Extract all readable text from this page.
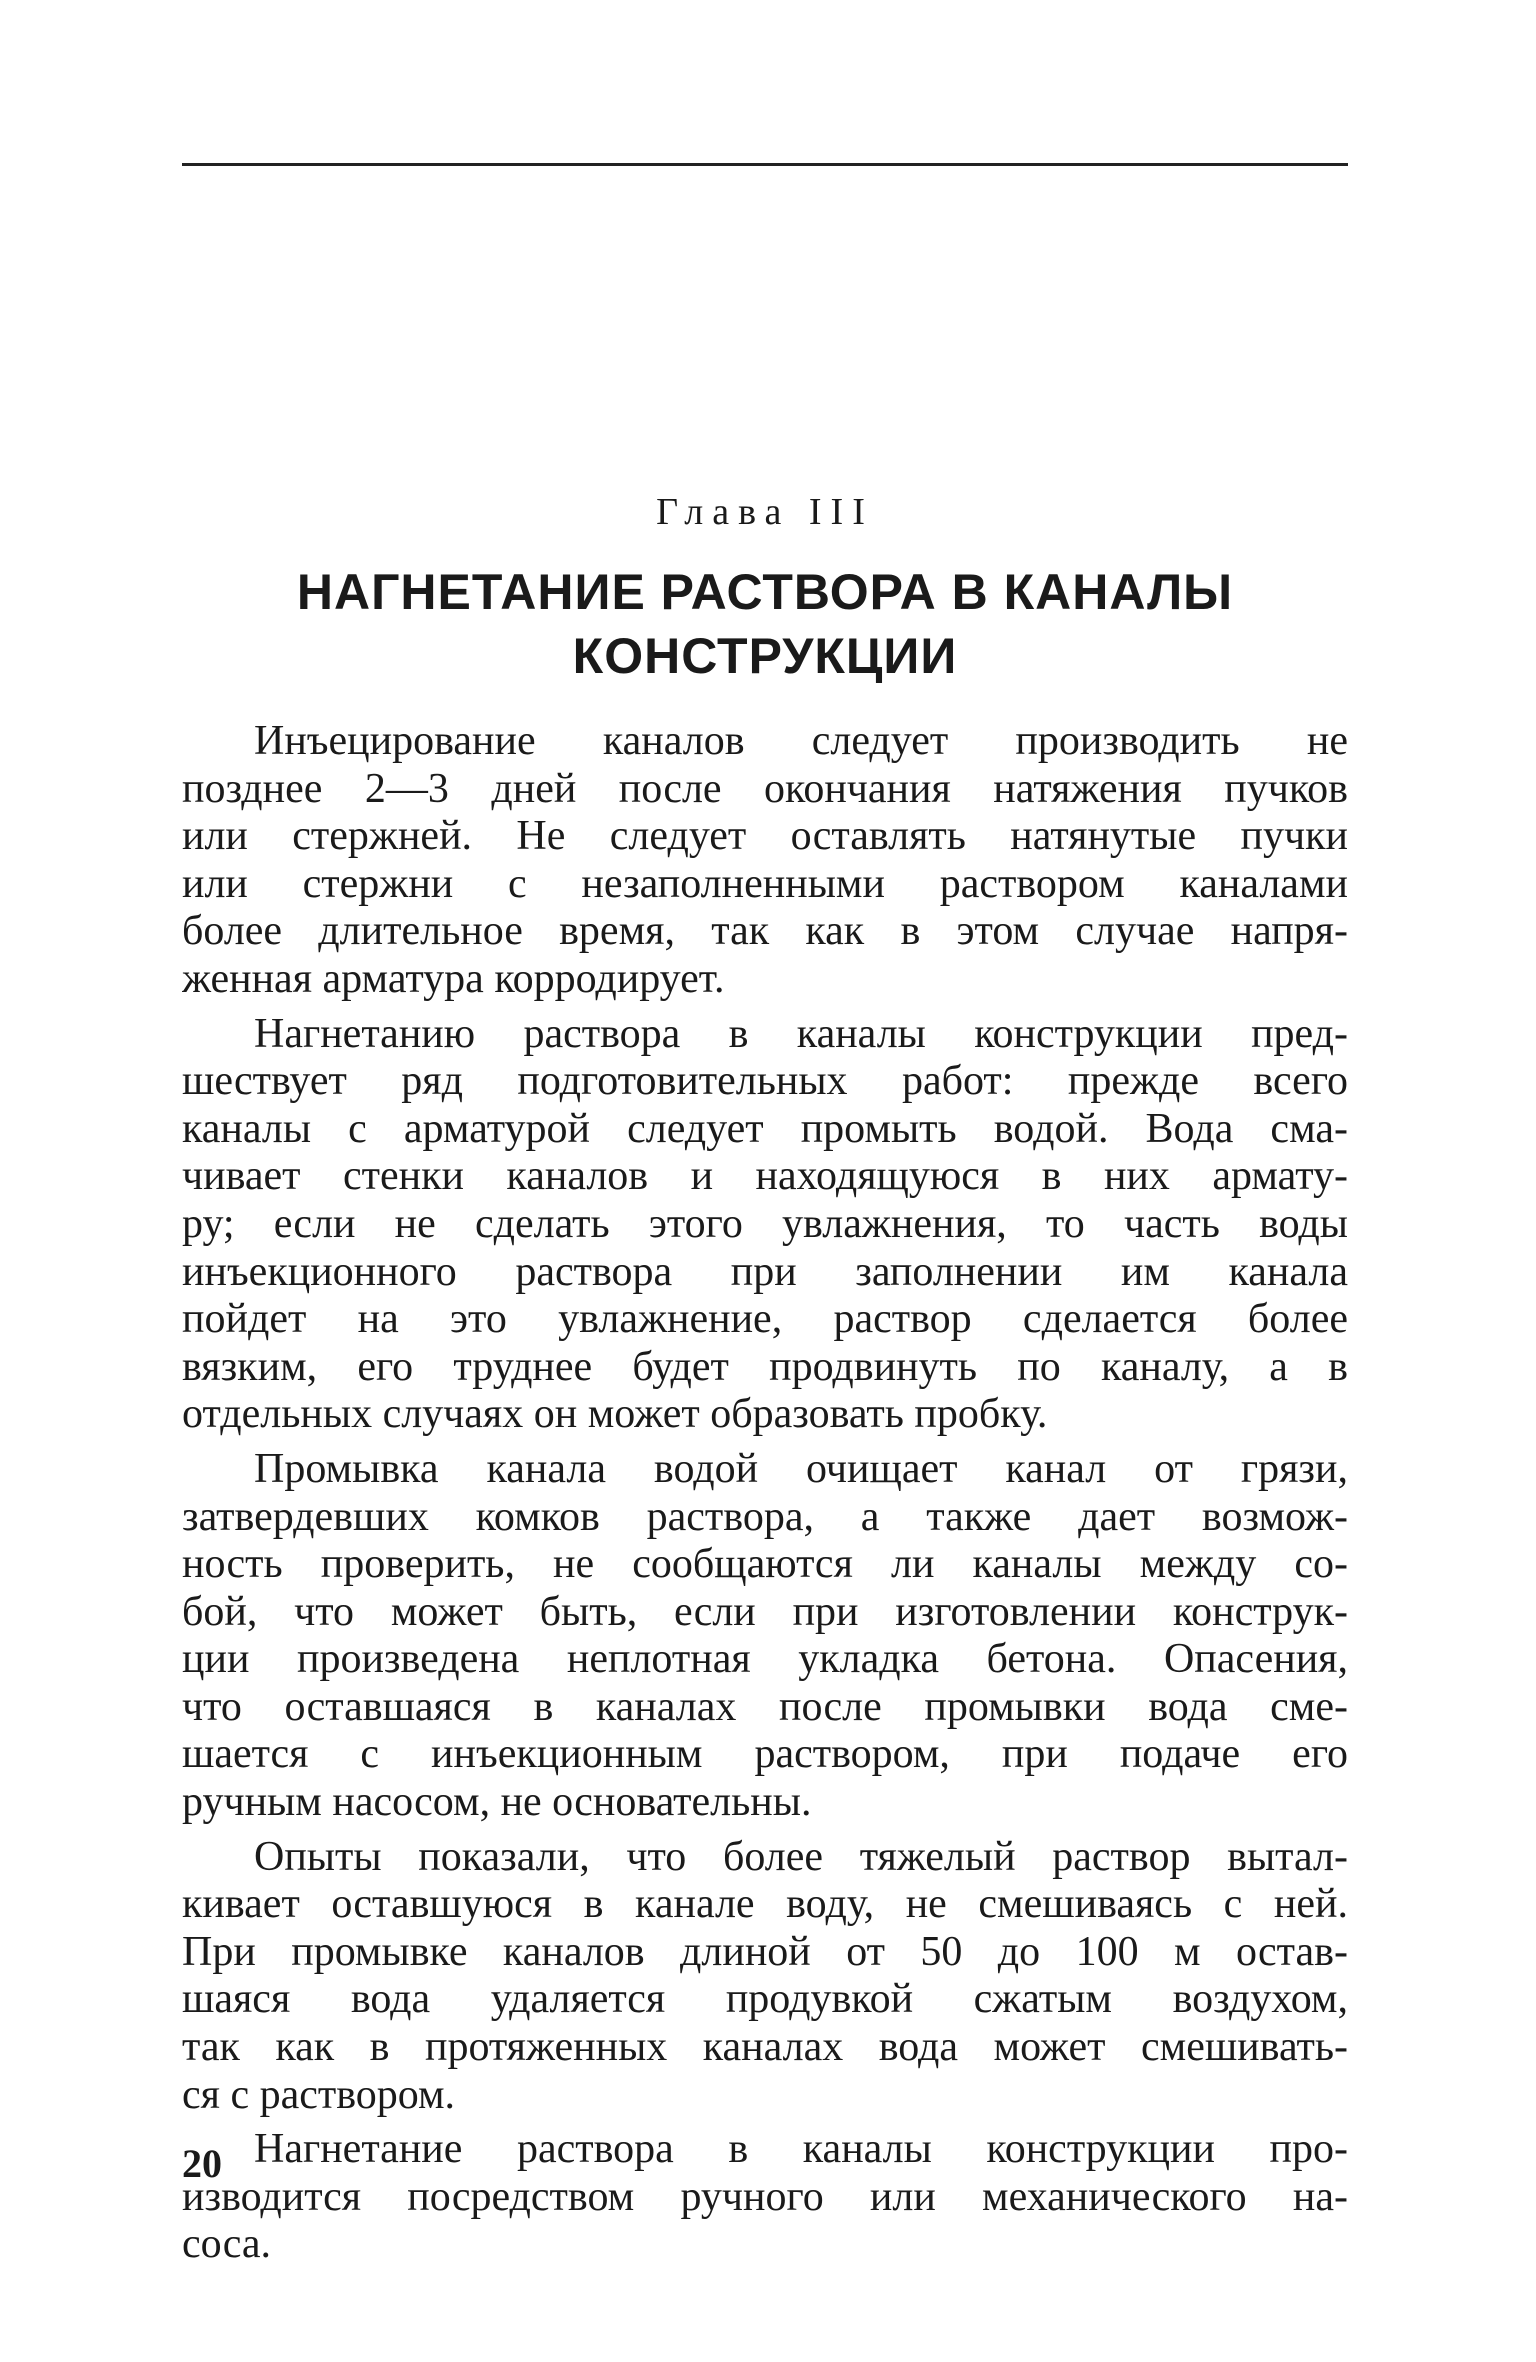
Глава III
НАГНЕТАНИЕ РАСТВОРА В КАНАЛЫ
КОНСТРУКЦИИ
Инъецирование каналов следует производить не
позднее 2—3 дней после окончания натяжения пучков
или стержней. Не следует оставлять натянутые пучки
или стержни с незаполненными раствором каналами
более длительное время, так как в этом случае напря-
женная арматура корродирует.
Нагнетанию раствора в каналы конструкции пред-
шествует ряд подготовительных работ: прежде всего
каналы с арматурой следует промыть водой. Вода сма-
чивает стенки каналов и находящуюся в них армату-
ру; если не сделать этого увлажнения, то часть воды
инъекционного раствора при заполнении им канала
пойдет на это увлажнение, раствор сделается более
вязким, его труднее будет продвинуть по каналу, а в
отдельных случаях он может образовать пробку.
Промывка канала водой очищает канал от грязи,
затвердевших комков раствора, а также дает возмож-
ность проверить, не сообщаются ли каналы между со-
бой, что может быть, если при изготовлении конструк-
ции произведена неплотная укладка бетона. Опасения,
что оставшаяся в каналах после промывки вода сме-
шается с инъекционным раствором, при подаче его
ручным насосом, не основательны.
Опыты показали, что более тяжелый раствор вытал-
кивает оставшуюся в канале воду, не смешиваясь с ней.
При промывке каналов длиной от 50 до 100 м остав-
шаяся вода удаляется продувкой сжатым воздухом,
так как в протяженных каналах вода может смешивать-
ся с раствором.
Нагнетание раствора в каналы конструкции про-
изводится посредством ручного или механического на-
соса.
20
